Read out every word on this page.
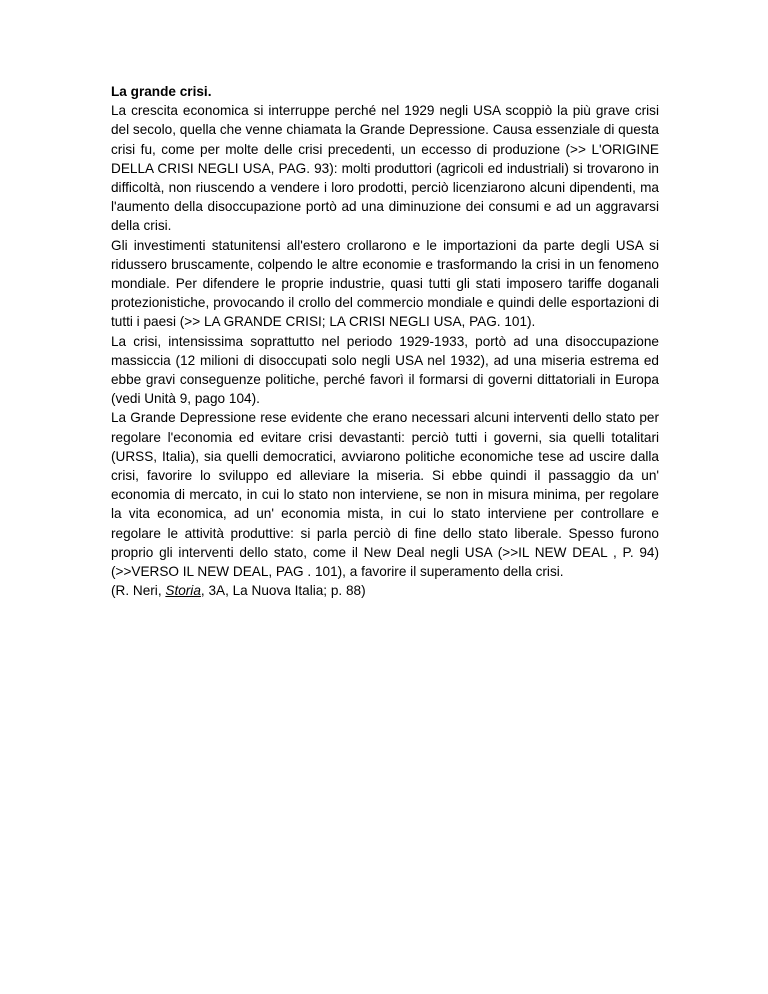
La grande crisi.

La crescita economica si interruppe perché nel 1929 negli USA scoppiò la più grave crisi del secolo, quella che venne chiamata la Grande Depressione. Causa essenziale di questa crisi fu, come per molte delle crisi precedenti, un eccesso di produzione (>> L'ORIGINE DELLA CRISI NEGLI USA, PAG. 93): molti produttori (agricoli ed industriali) si trovarono in difficoltà, non riuscendo a vendere i loro prodotti, perciò licenziarono alcuni dipendenti, ma l'aumento della disoccupazione portò ad una diminuzione dei consumi e ad un aggravarsi della crisi.

Gli investimenti statunitensi all'estero crollarono e le importazioni da parte degli USA si ridussero bruscamente, colpendo le altre economie e trasformando la crisi in un fenomeno mondiale. Per difendere le proprie industrie, quasi tutti gli stati imposero tariffe doganali protezionistiche, provocando il crollo del commercio mondiale e quindi delle esportazioni di tutti i paesi (>> LA GRANDE CRISI; LA CRISI NEGLI USA, PAG. 101).

La crisi, intensissima soprattutto nel periodo 1929-1933, portò ad una disoccupazione massiccia (12 milioni di disoccupati solo negli USA nel 1932), ad una miseria estrema ed ebbe gravi conseguenze politiche, perché favorì il formarsi di governi dittatoriali in Europa (vedi Unità 9, pago 104).

La Grande Depressione rese evidente che erano necessari alcuni interventi dello stato per regolare l'economia ed evitare crisi devastanti: perciò tutti i governi, sia quelli totalitari (URSS, Italia), sia quelli democratici, avviarono politiche economiche tese ad uscire dalla crisi, favorire lo sviluppo ed alleviare la miseria. Si ebbe quindi il passaggio da un' economia di mercato, in cui lo stato non interviene, se non in misura minima, per regolare la vita economica, ad un' economia mista, in cui lo stato interviene per controllare e regolare le attività produttive: si parla perciò di fine dello stato liberale. Spesso furono proprio gli interventi dello stato, come il New Deal negli USA (>>IL NEW DEAL , P. 94) (>>VERSO IL NEW DEAL, PAG . 101), a favorire il superamento della crisi.

(R. Neri, Storia, 3A, La Nuova Italia; p. 88)
